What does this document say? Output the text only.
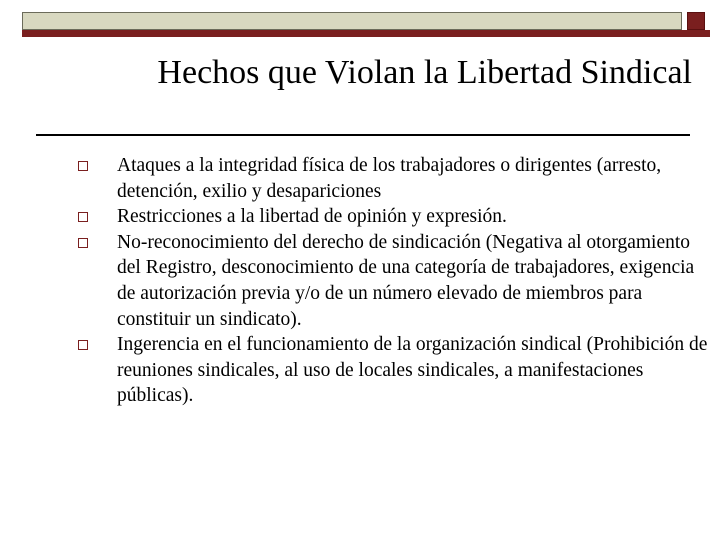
Hechos que Violan la Libertad Sindical
Ataques a la integridad física de los trabajadores o dirigentes (arresto, detención, exilio y desapariciones
Restricciones a la libertad de opinión y expresión.
No-reconocimiento del derecho de sindicación (Negativa al otorgamiento del Registro, desconocimiento de una categoría de trabajadores, exigencia de autorización previa y/o de un número elevado de miembros para constituir un sindicato).
Ingerencia en el funcionamiento de la organización sindical (Prohibición de reuniones sindicales, al uso de locales sindicales, a manifestaciones públicas).
